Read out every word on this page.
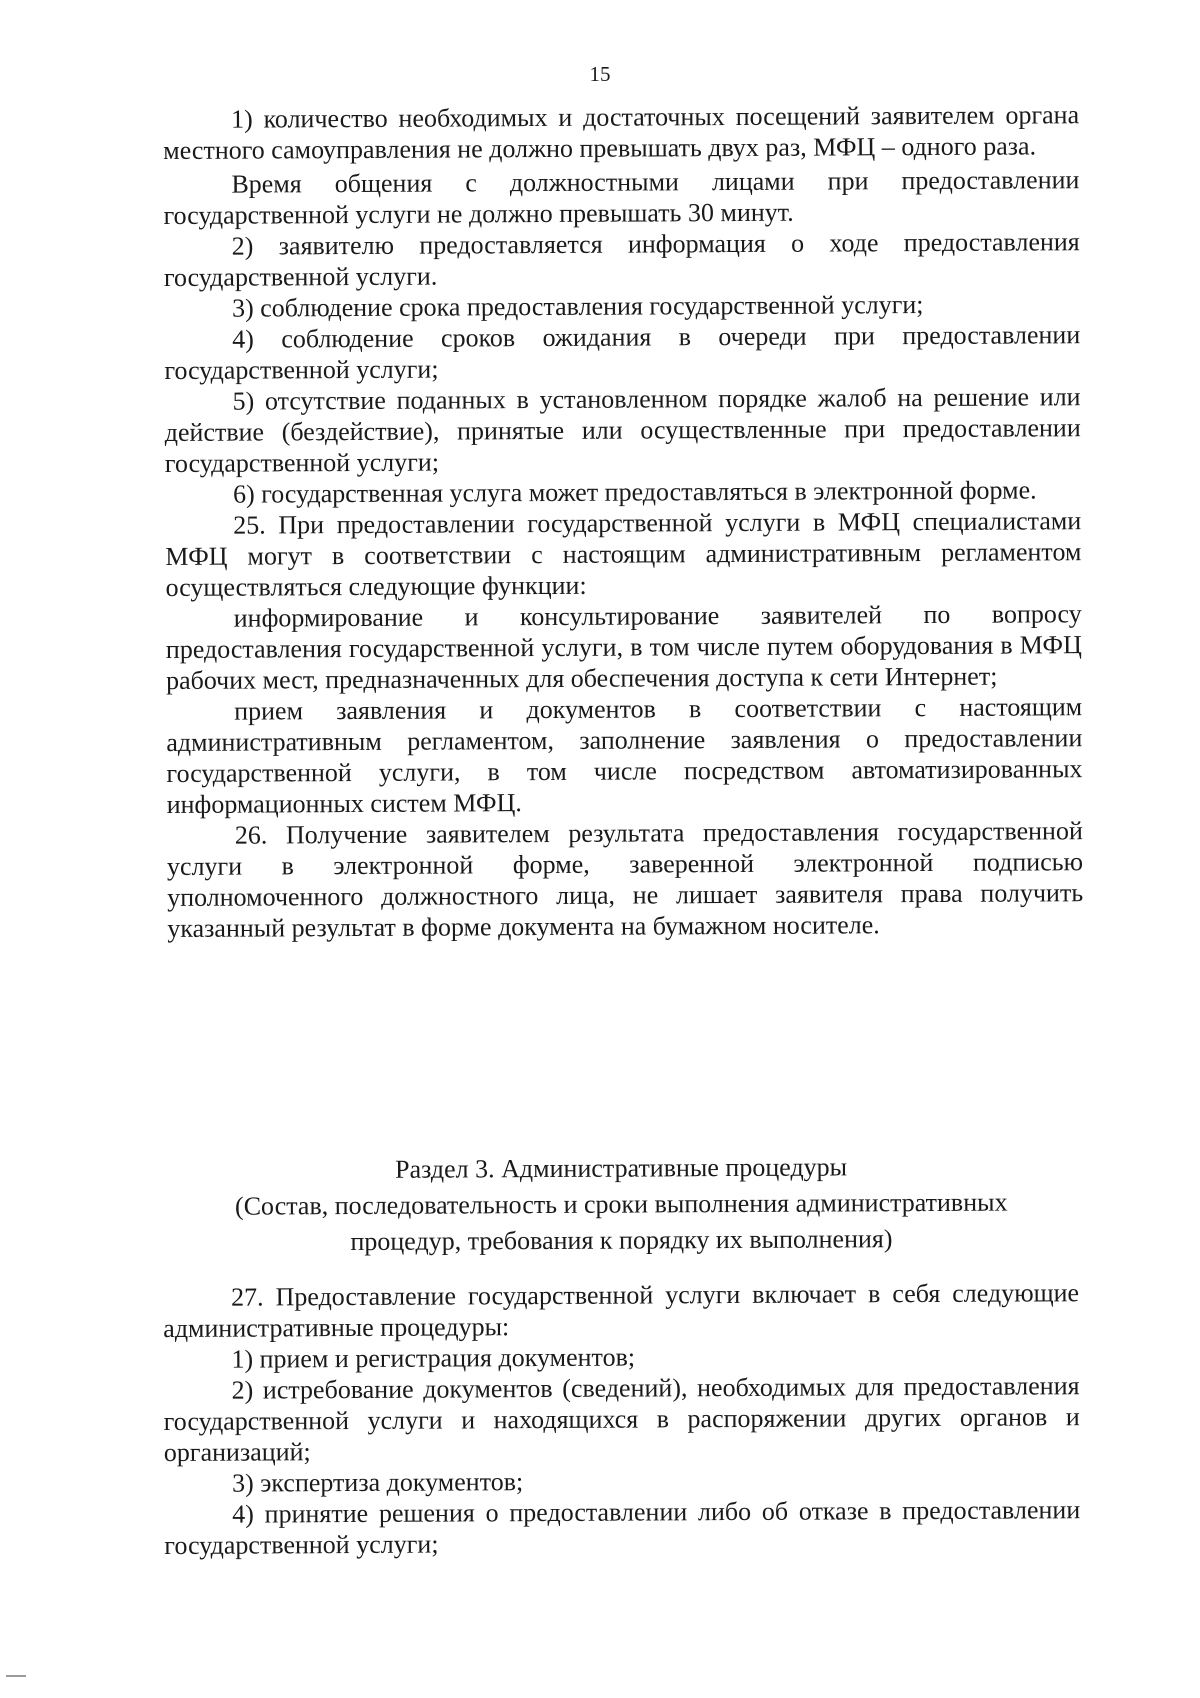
15

1) количество необходимых и достаточных посещений заявителем органа местного самоуправления не должно превышать двух раз, МФЦ – одного раза.

Время общения с должностными лицами при предоставлении государственной услуги не должно превышать 30 минут.

2) заявителю предоставляется информация о ходе предоставления государственной услуги.

3) соблюдение срока предоставления государственной услуги;

4) соблюдение сроков ожидания в очереди при предоставлении государственной услуги;

5) отсутствие поданных в установленном порядке жалоб на решение или действие (бездействие), принятые или осуществленные при предоставлении государственной услуги;

6) государственная услуга может предоставляться в электронной форме.

25. При предоставлении государственной услуги в МФЦ специалистами МФЦ могут в соответствии с настоящим административным регламентом осуществляться следующие функции:

информирование и консультирование заявителей по вопросу предоставления государственной услуги, в том числе путем оборудования в МФЦ рабочих мест, предназначенных для обеспечения доступа к сети Интернет;

прием заявления и документов в соответствии с настоящим административным регламентом, заполнение заявления о предоставлении государственной услуги, в том числе посредством автоматизированных информационных систем МФЦ.

26. Получение заявителем результата предоставления государственной услуги в электронной форме, заверенной электронной подписью уполномоченного должностного лица, не лишает заявителя права получить указанный результат в форме документа на бумажном носителе.

Раздел 3. Административные процедуры
(Состав, последовательность и сроки выполнения административных
процедур, требования к порядку их выполнения)

27. Предоставление государственной услуги включает в себя следующие административные процедуры:

1) прием и регистрация документов;

2) истребование документов (сведений), необходимых для предоставления государственной услуги и находящихся в распоряжении других органов и организаций;

3) экспертиза документов;

4) принятие решения о предоставлении либо об отказе в предоставлении государственной услуги;
